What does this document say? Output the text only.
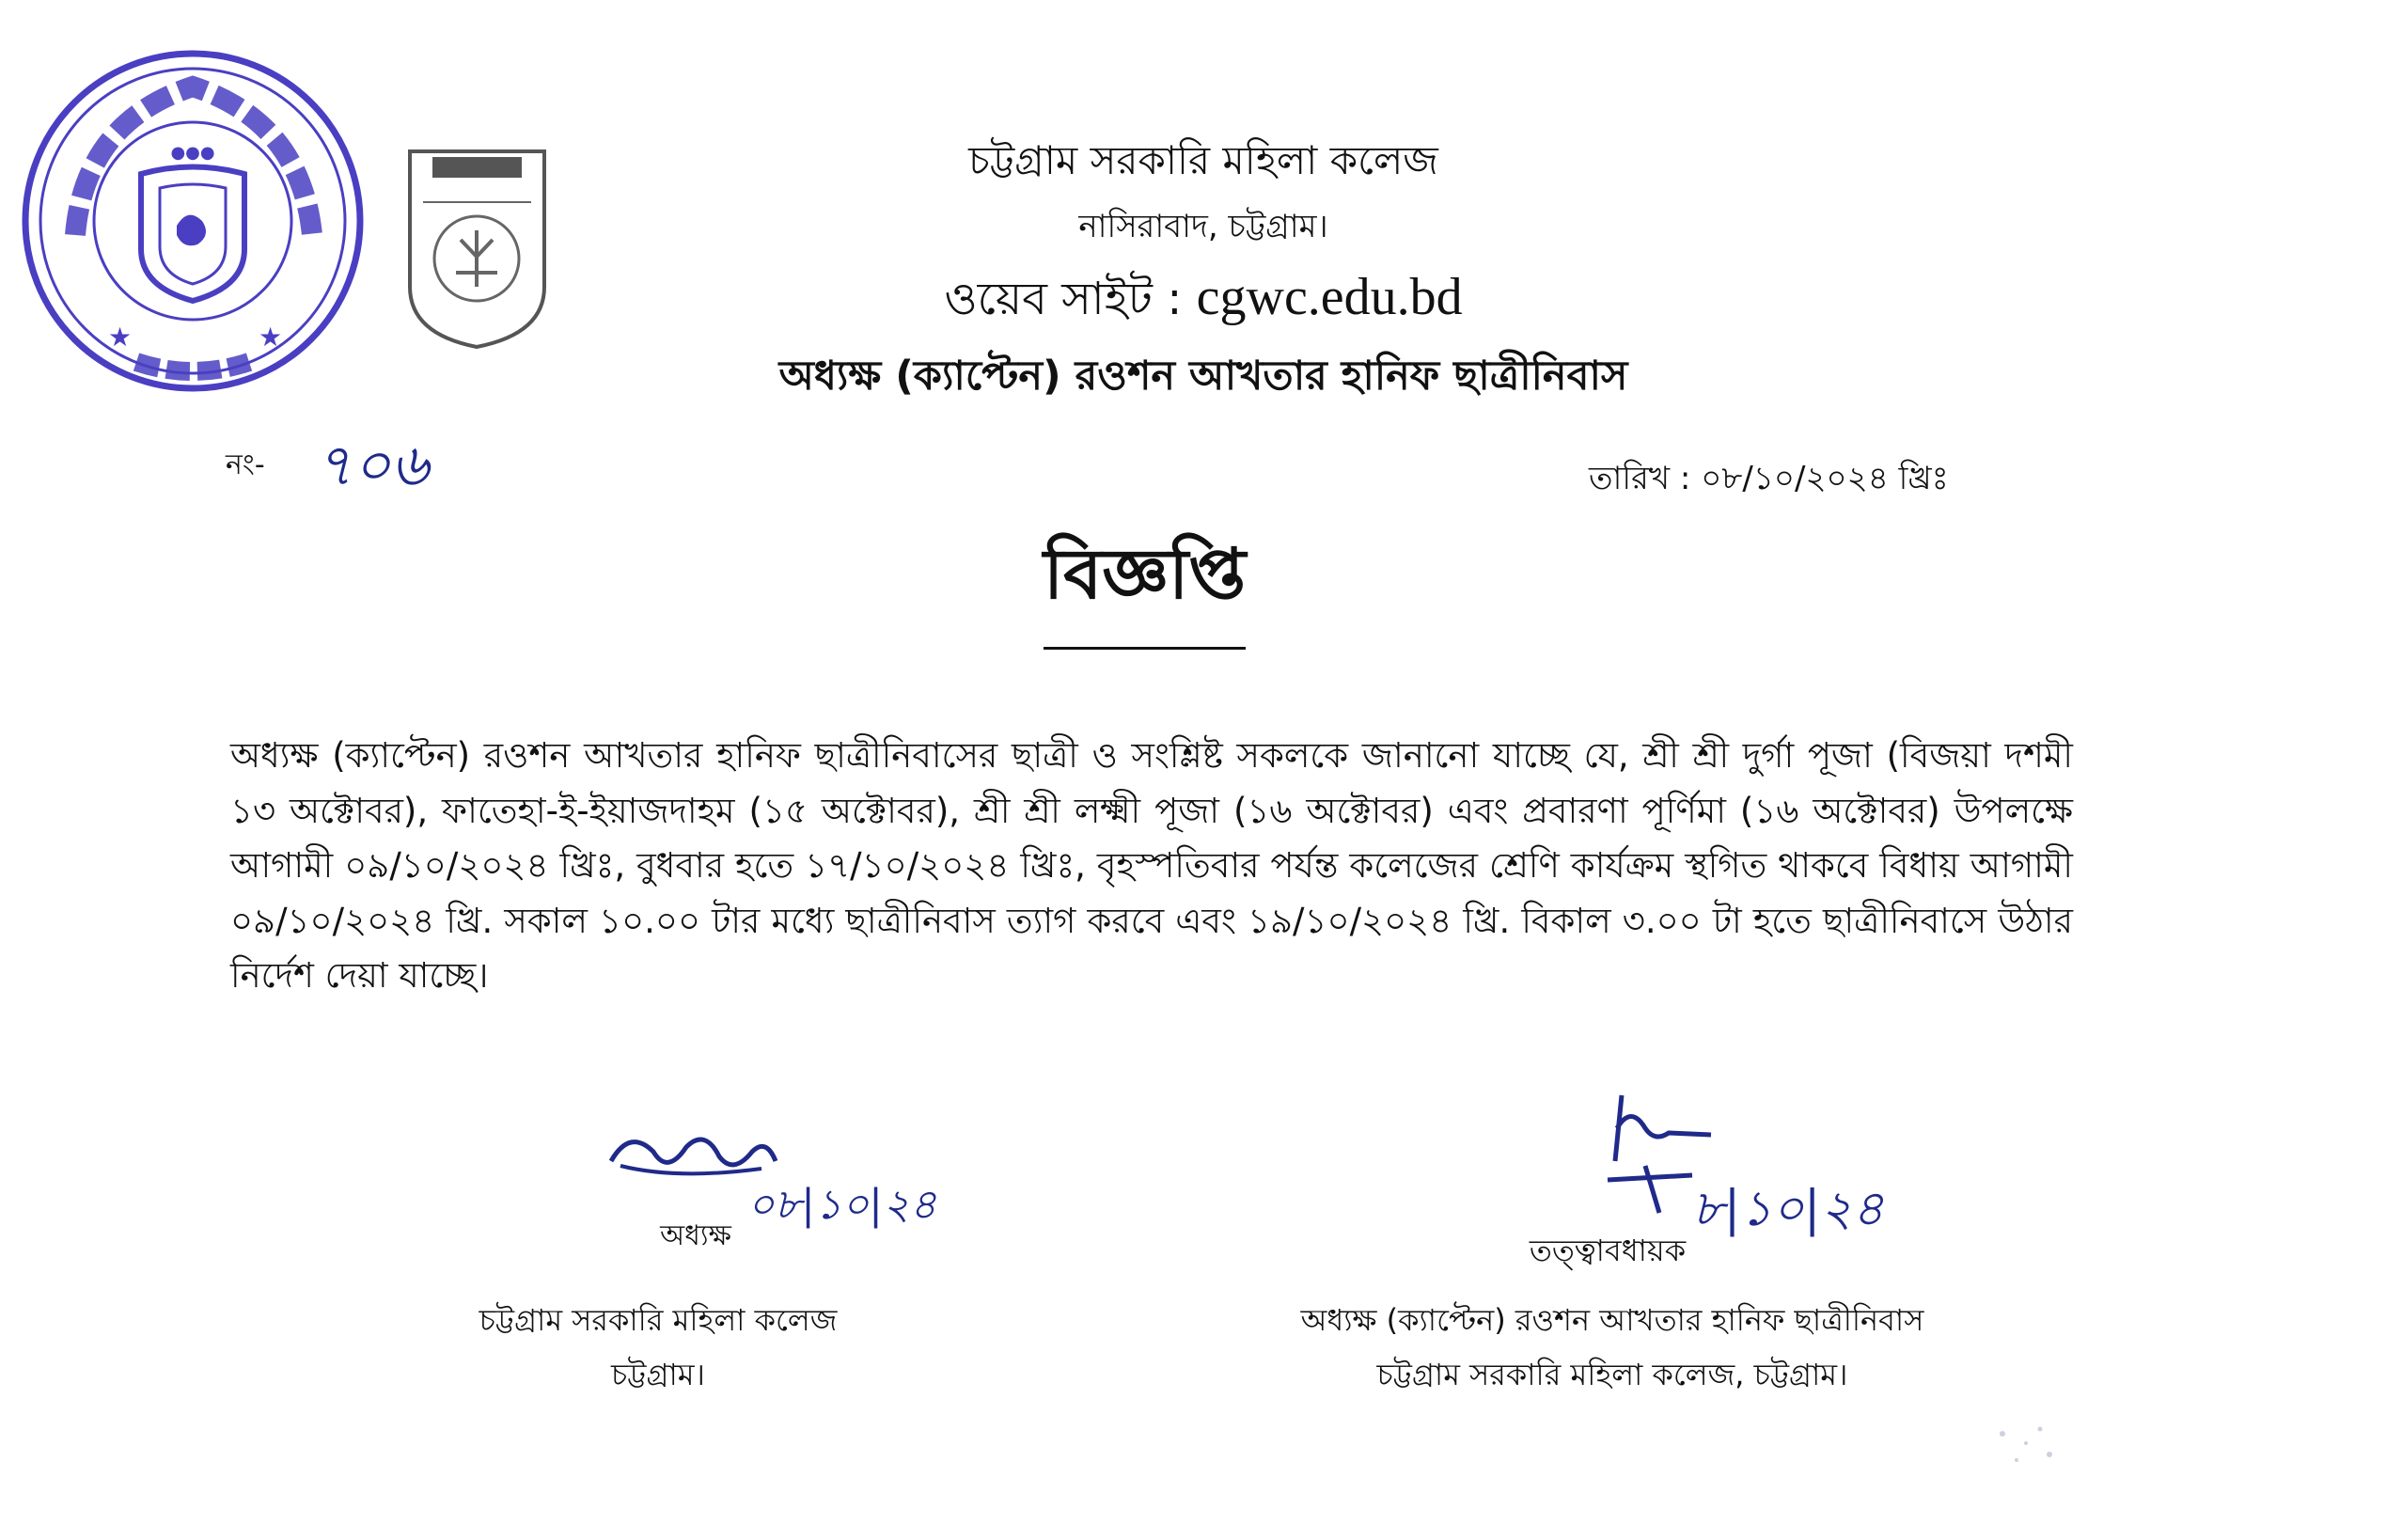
●●●
★	★
চট্টগ্রাম সরকারি মহিলা কলেজ
নাসিরাবাদ, চট্টগ্রাম।
ওয়েব সাইট : cgwc.edu.bd
অধ্যক্ষ (ক্যাপ্টেন) রওশন আখতার হানিফ ছাত্রীনিবাস
নং- ৭০৬	তারিখ : ০৮/১০/২০২৪ খ্রিঃ
বিজ্ঞপ্তি

অধ্যক্ষ (ক্যাপ্টেন) রওশন আখতার হানিফ ছাত্রীনিবাসের ছাত্রী ও সংশ্লিষ্ট সকলকে জানানো যাচ্ছে যে, শ্রী শ্রী দুর্গা পূজা (বিজয়া দশমী ১৩ অক্টোবর), ফাতেহা-ই-ইয়াজদাহম (১৫ অক্টোবর), শ্রী শ্রী লক্ষ্মী পূজা (১৬ অক্টোবর) এবং প্রবারণা পূর্ণিমা (১৬ অক্টোবর) উপলক্ষে আগামী ০৯/১০/২০২৪ খ্রিঃ, বুধবার হতে ১৭/১০/২০২৪ খ্রিঃ, বৃহস্পতিবার পর্যন্ত কলেজের শ্রেণি কার্যক্রম স্থগিত থাকবে বিধায় আগামী ০৯/১০/২০২৪ খ্রি. সকাল ১০.০০ টার মধ্যে ছাত্রীনিবাস ত্যাগ করবে এবং ১৯/১০/২০২৪ খ্রি. বিকাল ৩.০০ টা হতে ছাত্রীনিবাসে উঠার নির্দেশ দেয়া যাচ্ছে।

০৮|১০|২৪
অধ্যক্ষ
চট্টগ্রাম সরকারি মহিলা কলেজ
চট্টগ্রাম।
৮|১০|২৪
তত্ত্বাবধায়ক
অধ্যক্ষ (ক্যাপ্টেন) রওশন আখতার হানিফ ছাত্রীনিবাস
চট্টগ্রাম সরকারি মহিলা কলেজ, চট্টগ্রাম।
